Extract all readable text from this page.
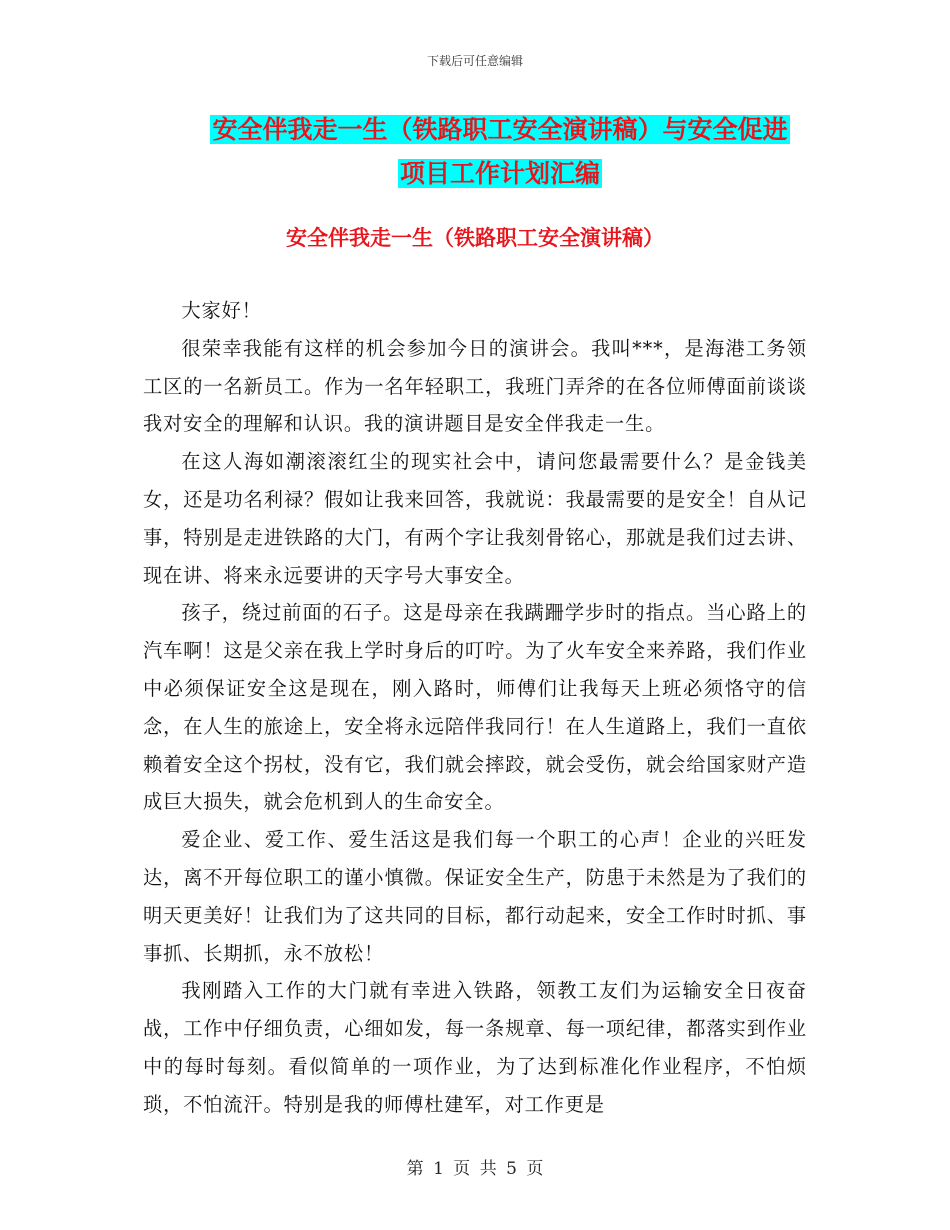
下载后可任意编辑
安全伴我走一生（铁路职工安全演讲稿）与安全促进
项目工作计划汇编
安全伴我走一生（铁路职工安全演讲稿）

大家好！

很荣幸我能有这样的机会参加今日的演讲会。我叫***，是海港工务领工区的一名新员工。作为一名年轻职工，我班门弄斧的在各位师傅面前谈谈我对安全的理解和认识。我的演讲题目是安全伴我走一生。

在这人海如潮滚滚红尘的现实社会中，请问您最需要什么？是金钱美女，还是功名利禄？假如让我来回答，我就说：我最需要的是安全！自从记事，特别是走进铁路的大门，有两个字让我刻骨铭心，那就是我们过去讲、现在讲、将来永远要讲的天字号大事安全。

孩子，绕过前面的石子。这是母亲在我蹒跚学步时的指点。当心路上的汽车啊！这是父亲在我上学时身后的叮咛。为了火车安全来养路，我们作业中必须保证安全这是现在，刚入路时，师傅们让我每天上班必须恪守的信念，在人生的旅途上，安全将永远陪伴我同行！在人生道路上，我们一直依赖着安全这个拐杖，没有它，我们就会摔跤，就会受伤，就会给国家财产造成巨大损失，就会危机到人的生命安全。

爱企业、爱工作、爱生活这是我们每一个职工的心声！企业的兴旺发达，离不开每位职工的谨小慎微。保证安全生产，防患于未然是为了我们的明天更美好！让我们为了这共同的目标，都行动起来，安全工作时时抓、事事抓、长期抓，永不放松！

我刚踏入工作的大门就有幸进入铁路，领教工友们为运输安全日夜奋战，工作中仔细负责，心细如发，每一条规章、每一项纪律，都落实到作业中的每时每刻。看似简单的一项作业，为了达到标准化作业程序，不怕烦琐，不怕流汗。特别是我的师傅杜建军，对工作更是

第 1 页 共 5 页
